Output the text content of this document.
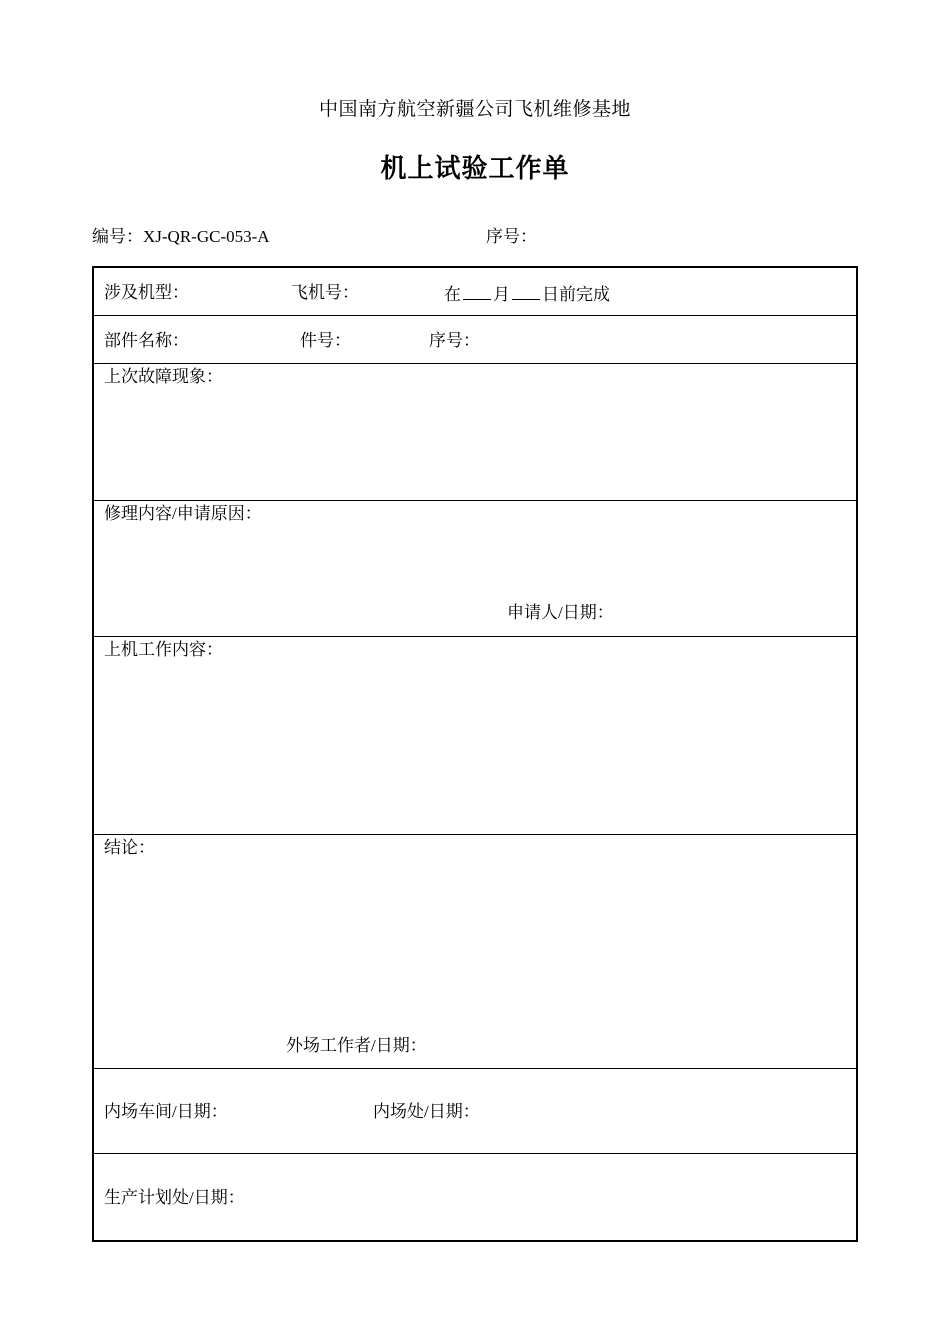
中国南方航空新疆公司飞机维修基地
机上试验工作单
编号：XJ-QR-GC-053-A	序号：
涉及机型：	飞机号：	在 月 日前完成
部件名称：	件号：	序号：
上次故障现象：
修理内容/申请原因：
申请人/日期：
上机工作内容：
结论：
外场工作者/日期：
内场车间/日期：	内场处/日期：
生产计划处/日期：
